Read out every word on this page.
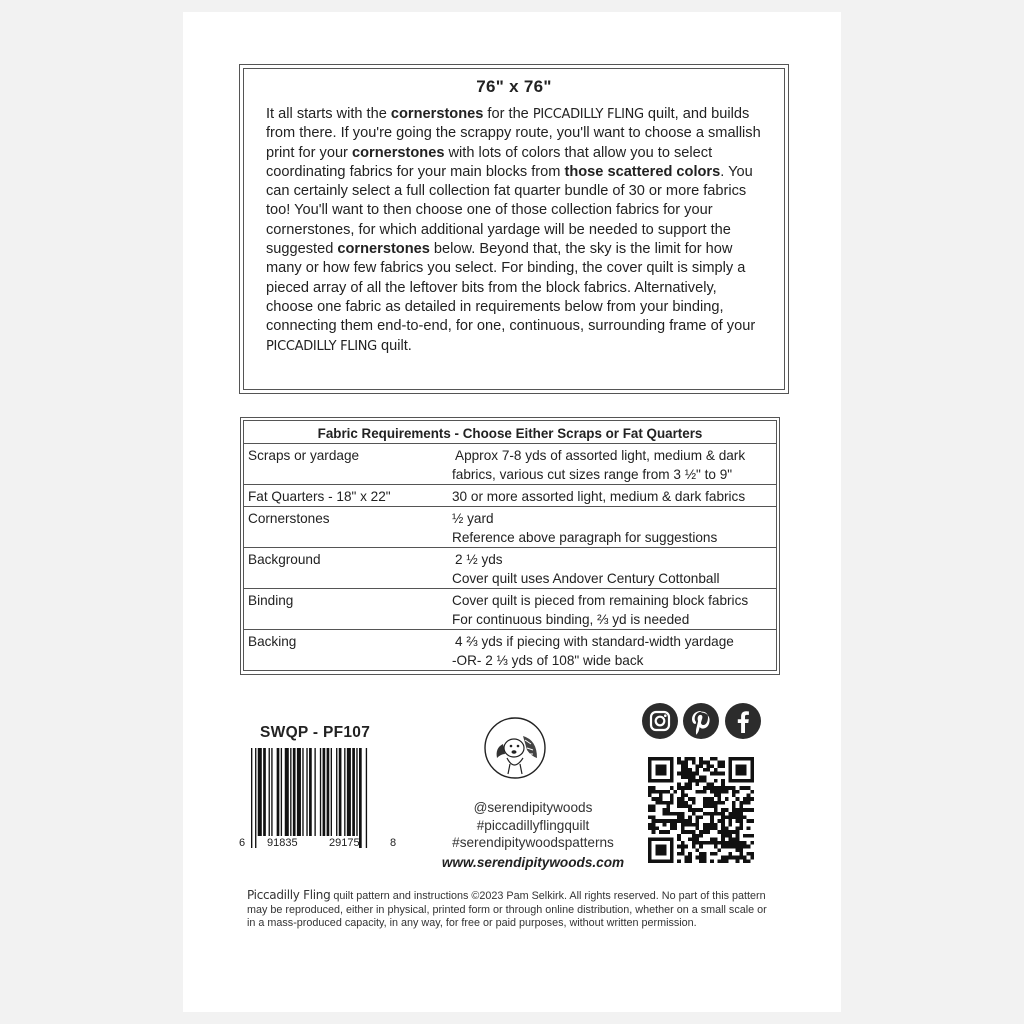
76" x 76"

It all starts with the cornerstones for the PICCADILLY FLING quilt, and builds from there. If you're going the scrappy route, you'll want to choose a smallish print for your cornerstones with lots of colors that allow you to select coordinating fabrics for your main blocks from those scattered colors. You can certainly select a full collection fat quarter bundle of 30 or more fabrics too! You'll want to then choose one of those collection fabrics for your cornerstones, for which additional yardage will be needed to support the suggested cornerstones below. Beyond that, the sky is the limit for how many or how few fabrics you select. For binding, the cover quilt is simply a pieced array of all the leftover bits from the block fabrics. Alternatively, choose one fabric as detailed in requirements below from your binding, connecting them end-to-end, for one, continuous, surrounding frame of your PICCADILLY FLING quilt.

Fabric Requirements - Choose Either Scraps or Fat Quarters	
Scraps or yardage	Approx 7-8 yds of assorted light, medium & dark
fabrics, various cut sizes range from 3 ½" to 9"

Fat Quarters - 18" x 22"	30 or more assorted light, medium & dark fabrics

Cornerstones	½ yard
Reference above paragraph for suggestions

Background	2 ½ yds
Cover quilt uses Andover Century Cottonball

Binding	Cover quilt is pieced from remaining block fabrics
For continuous binding, ⅔ yd is needed

Backing	4 ⅔ yds if piecing with standard-width yardage
-OR- 2 ⅓ yds of 108" wide back
SWQP - PF107
6 91835	29175	8
@serendipitywoods
#piccadillyflingquilt
#serendipitywoodspatterns
www.serendipitywoods.com
Piccadilly Fling quilt pattern and instructions ©2023 Pam Selkirk. All rights reserved. No part of this pattern may be reproduced, either in physical, printed form or through online distribution, whether on a small scale or in a mass-produced capacity, in any way, for free or paid purposes, without written permission.
